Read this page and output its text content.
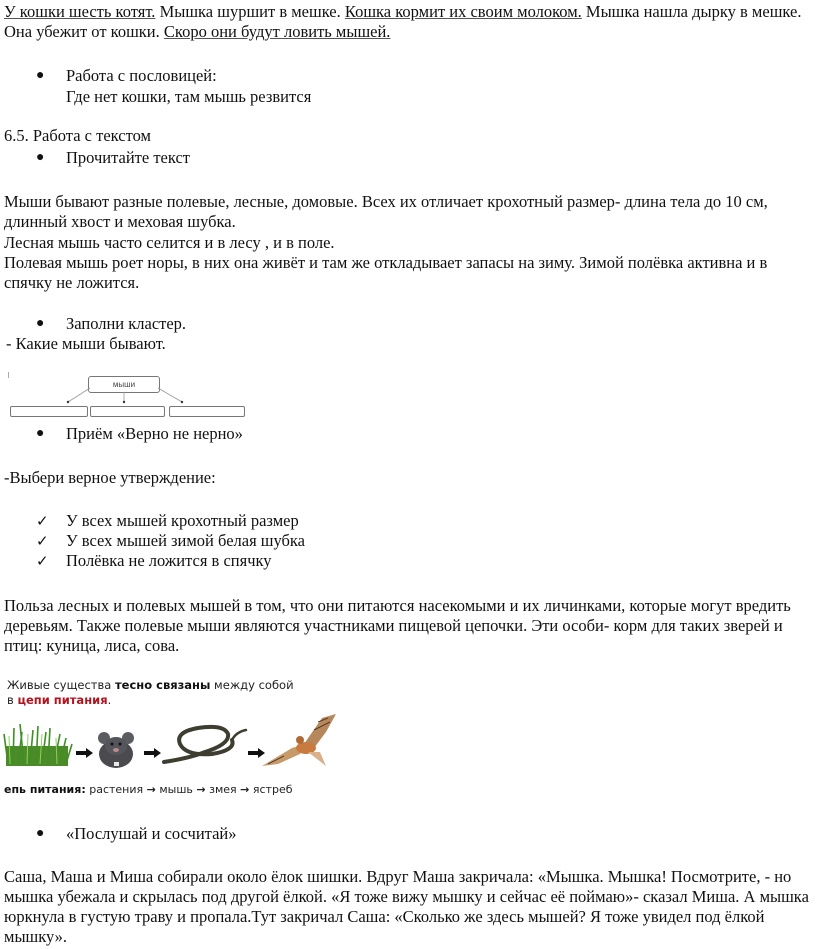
У кошки шесть котят. Мышка шуршит в мешке. Кошка кормит их своим молоком. Мышка нашла дырку в мешке. Она убежит от кошки. Скоро они будут ловить мышей.

●	Работа с пословицей:
Где нет кошки, там мышь резвится
6.5. Работа с текстом
●	Прочитайте текст

Мыши бывают разные полевые, лесные, домовые. Всех их отличает крохотный размер- длина тела до 10 см, длинный хвост и меховая шубка.

Лесная мышь часто селится и в лесу , и в поле.

Полевая мышь роет норы, в них она живёт и там же откладывает запасы на зиму. Зимой полёвка активна и в спячку не ложится.

●	Заполни кластер.
- Какие мыши бывают.
мыши
●	Приём «Верно не нерно»
-Выбери верное утверждение:
✓ У всех мышей крохотный размер
✓ У всех мышей зимой белая шубка
✓ Полёвка не ложится в спячку

Польза лесных и полевых мышей в том, что они питаются насекомыми и их личинками, которые могут вредить деревьям. Также полевые мыши являются участниками пищевой цепочки. Эти особи- корм для таких зверей и птиц: куница, лиса, сова.

Живые существа тесно связаны между собой
в цепи питания.
епь питания: растения → мышь → змея → ястреб
●	«Послушай и сосчитай»

Саша, Маша и Миша собирали около ёлок шишки. Вдруг Маша закричала: «Мышка. Мышка! Посмотрите, - но мышка убежала и скрылась под другой ёлкой. «Я тоже вижу мышку и сейчас её поймаю»- сказал Миша. А мышка юркнула в густую траву и пропала.Тут закричал Саша: «Сколько же здесь мышей? Я тоже увидел под ёлкой мышку».
